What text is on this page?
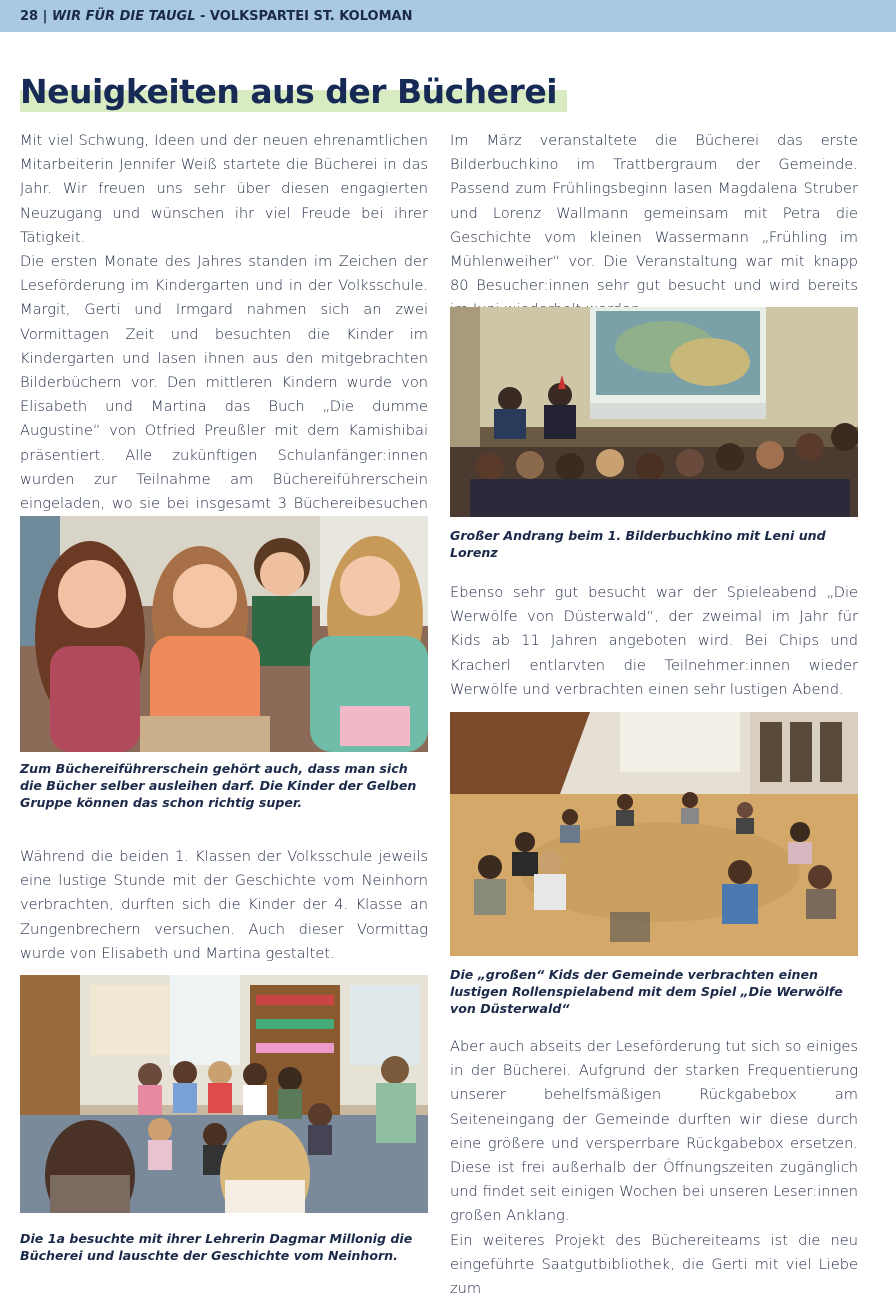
28 | WIR FÜR DIE TAUGL - VOLKSPARTEI ST. KOLOMAN
Neuigkeiten aus der Bücherei

Mit viel Schwung, Ideen und der neuen ehrenamtlichen Mitarbeiterin Jennifer Weiß startete die Bücherei in das Jahr. Wir freuen uns sehr über diesen engagierten Neuzugang und wünschen ihr viel Freude bei ihrer Tätigkeit.

Die ersten Monate des Jahres standen im Zeichen der Leseförderung im Kindergarten und in der Volksschule. Margit, Gerti und Irmgard nahmen sich an zwei Vormittagen Zeit und besuchten die Kinder im Kindergarten und lasen ihnen aus den mitgebrachten Bilderbüchern vor. Den mittleren Kindern wurde von Elisabeth und Martina das Buch „Die dumme Augustine“ von Otfried Preußler mit dem Kamishibai präsentiert. Alle zukünftigen Schulanfänger:innen wurden zur Teilnahme am Büchereiführerschein eingeladen, wo sie bei insgesamt 3 Büchereibesuchen

Zum Büchereiführerschein gehört auch, dass man sich die Bücher selber ausleihen darf. Die Kinder der Gelben Gruppe können das schon richtig super.

Während die beiden 1. Klassen der Volksschule jeweils eine lustige Stunde mit der Geschichte vom Neinhorn verbrachten, durften sich die Kinder der 4. Klasse an Zungenbrechern versuchen. Auch dieser Vormittag wurde von Elisabeth und Martina gestaltet.

Die 1a besuchte mit ihrer Lehrerin Dagmar Millonig die Bücherei und lauschte der Geschichte vom Neinhorn.

Im März veranstaltete die Bücherei das erste Bilderbuchkino im Trattbergraum der Gemeinde. Passend zum Frühlingsbeginn lasen Magdalena Struber und Lorenz Wallmann gemeinsam mit Petra die Geschichte vom kleinen Wassermann „Frühling im Mühlenweiher“ vor. Die Veranstaltung war mit knapp 80 Besucher:innen sehr gut besucht und wird bereits

Großer Andrang beim 1. Bilderbuchkino mit Leni und Lorenz

Ebenso sehr gut besucht war der Spieleabend „Die Werwölfe von Düsterwald“, der zweimal im Jahr für Kids ab 11 Jahren angeboten wird. Bei Chips und Kracherl entlarvten die Teilnehmer:innen wieder Werwölfe und verbrachten einen sehr lustigen Abend.

Die „großen“ Kids der Gemeinde verbrachten einen lustigen Rollenspielabend mit dem Spiel „Die Werwölfe von Düsterwald“

Aber auch abseits der Leseförderung tut sich so einiges in der Bücherei. Aufgrund der starken Frequentierung unserer behelfsmäßigen Rückgabebox am Seiteneingang der Gemeinde durften wir diese durch eine größere und versperrbare Rückgabebox ersetzen. Diese ist frei außerhalb der Öffnungszeiten zugänglich und findet seit einigen Wochen bei unseren Leser:innen großen Anklang.

Ein weiteres Projekt des Büchereiteams ist die neu eingeführte Saatgutbibliothek, die Gerti mit viel Liebe zum
